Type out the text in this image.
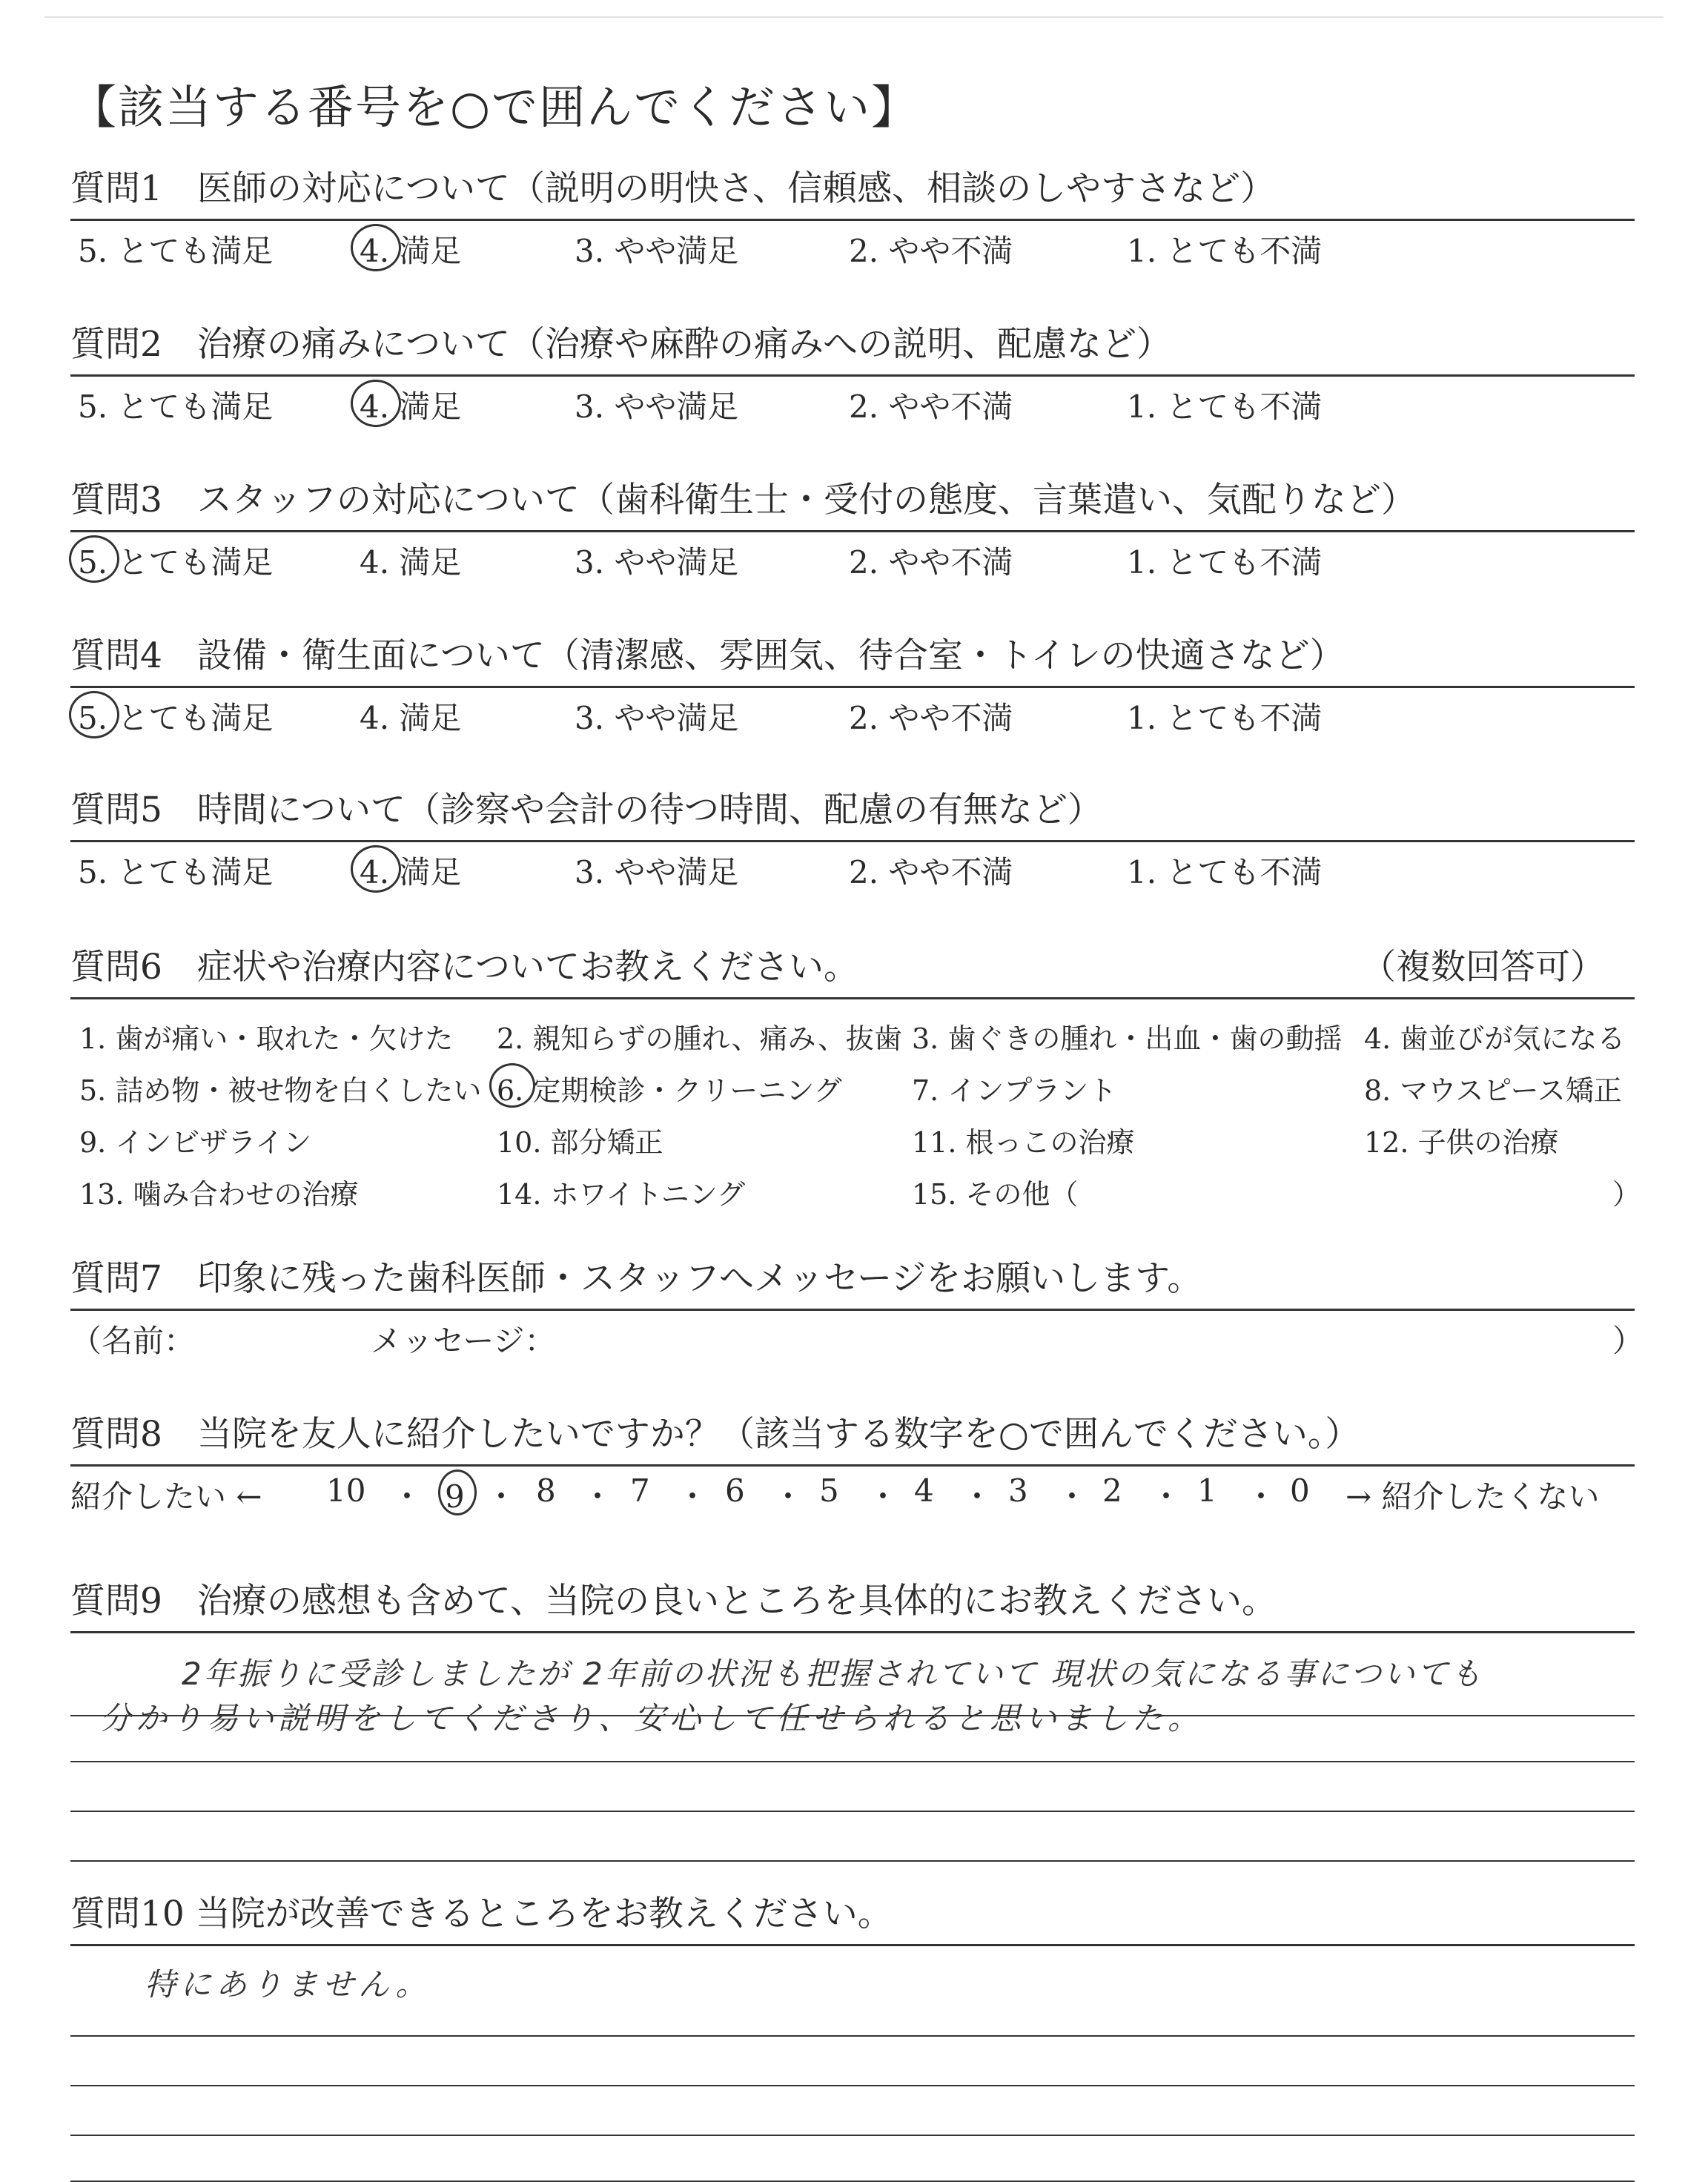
【該当する番号を○で囲んでください】
質問1　医師の対応について（説明の明快さ、信頼感、相談のしやすさなど）
5. とても満足	4. 満足	3. やや満足	2. やや不満	1. とても不満
質問2　治療の痛みについて（治療や麻酔の痛みへの説明、配慮など）
5. とても満足	4. 満足	3. やや満足	2. やや不満	1. とても不満
質問3　スタッフの対応について（歯科衛生士・受付の態度、言葉遣い、気配りなど）
5. とても満足	4. 満足	3. やや満足	2. やや不満	1. とても不満
質問4　設備・衛生面について（清潔感、雰囲気、待合室・トイレの快適さなど）
5. とても満足	4. 満足	3. やや満足	2. やや不満	1. とても不満
質問5　時間について（診察や会計の待つ時間、配慮の有無など）
5. とても満足	4. 満足	3. やや満足	2. やや不満	1. とても不満
質問6　症状や治療内容についてお教えください。	（複数回答可）
1. 歯が痛い・取れた・欠けた 2. 親知らずの腫れ、痛み、抜歯 3. 歯ぐきの腫れ・出血・歯の動揺 4. 歯並びが気になる
5. 詰め物・被せ物を白くしたい 6. 定期検診・クリーニング 7. インプラント	8. マウスピース矯正
9. インビザライン	10. 部分矯正	11. 根っこの治療	12. 子供の治療
13. 噛み合わせの治療	14. ホワイトニング	15. その他（	）
質問7　印象に残った歯科医師・スタッフへメッセージをお願いします。
（名前：	メッセージ：	）
質問8　当院を友人に紹介したいですか？（該当する数字を○で囲んでください。）
紹介したい ← 10 ・ 9 ・ 8 ・ 7 ・ 6 ・ 5 ・ 4 ・ 3 ・ 2 ・ 1 ・ 0 → 紹介したくない
質問9　治療の感想も含めて、当院の良いところを具体的にお教えください。
2年振りに受診しましたが 2年前の状況も把握されていて 現状の気になる事についても
分かり易い説明をしてくださり、安心して任せられると思いました。
質問10 当院が改善できるところをお教えください。
特にありません。
